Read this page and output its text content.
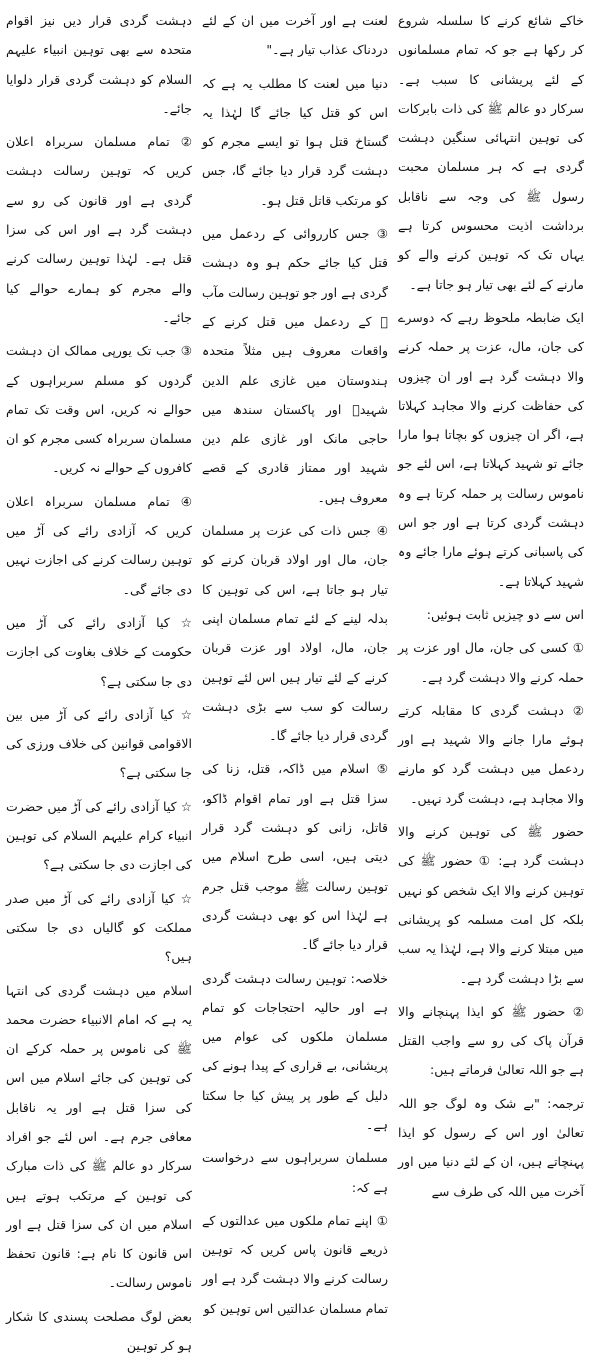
خاکے شائع کرنے کا سلسلہ شروع کر رکھا ہے جو کہ تمام مسلمانوں کے لئے پریشانی کا سبب ہے۔ سرکار دو عالم ﷺ کی ذات بابرکات کی توہین انتہائی سنگین دہشت گردی ہے کہ ہر مسلمان محبت رسول ﷺ کی وجہ سے ناقابل برداشت اذیت محسوس کرتا ہے یہاں تک کہ توہین کرنے والے کو مارنے کے لئے بھی تیار ہو جاتا ہے۔

ایک ضابطہ ملحوظ رہے کہ دوسرے کی جان، مال، عزت پر حملہ کرنے والا دہشت گرد ہے اور ان چیزوں کی حفاظت کرنے والا مجاہد کہلاتا ہے، اگر ان چیزوں کو بچاتا ہوا مارا جائے تو شہید کہلاتا ہے، اس لئے جو ناموس رسالت پر حملہ کرتا ہے وہ دہشت گردی کرتا ہے اور جو اس کی پاسبانی کرتے ہوئے مارا جائے وہ شہید کہلاتا ہے۔

اس سے دو چیزیں ثابت ہوئیں:

① کسی کی جان، مال اور عزت پر حملہ کرنے والا دہشت گرد ہے۔

② دہشت گردی کا مقابلہ کرتے ہوئے مارا جانے والا شہید ہے اور ردعمل میں دہشت گرد کو مارنے والا مجاہد ہے، دہشت گرد نہیں۔

حضور ﷺ کی توہین کرنے والا دہشت گرد ہے: ① حضور ﷺ کی توہین کرنے والا ایک شخص کو نہیں بلکہ کل امت مسلمہ کو پریشانی میں مبتلا کرنے والا ہے، لہٰذا یہ سب سے بڑا دہشت گرد ہے۔

② حضور ﷺ کو ایذا پہنچانے والا قرآن پاک کی رو سے واجب القتل ہے جو اللہ تعالیٰ فرماتے ہیں:

ترجمہ: "بے شک وہ لوگ جو اللہ تعالیٰ اور اس کے رسول کو ایذا پہنچاتے ہیں، ان کے لئے دنیا میں اور آخرت میں اللہ کی طرف سے

لعنت ہے اور آخرت میں ان کے لئے دردناک عذاب تیار ہے۔"

دنیا میں لعنت کا مطلب یہ ہے کہ اس کو قتل کیا جائے گا لہٰذا یہ گستاخ قتل ہوا تو ایسے مجرم کو دہشت گرد قرار دیا جائے گا، جس کو مرتکب قاتل قتل ہو۔

③ جس کارروائی کے ردعمل میں قتل کیا جائے حکم ہو وہ دہشت گردی ہے اور جو توہین رسالت مآب ﷺ کے ردعمل میں قتل کرنے کے واقعات معروف ہیں مثلاً متحدہ ہندوستان میں غازی علم الدین شہیدؒ اور پاکستان سندھ میں حاجی مانک اور غازی علم دین شہید اور ممتاز قادری کے قصے معروف ہیں۔

④ جس ذات کی عزت پر مسلمان جان، مال اور اولاد قربان کرنے کو تیار ہو جاتا ہے، اس کی توہین کا بدلہ لینے کے لئے تمام مسلمان اپنی جان، مال، اولاد اور عزت قربان کرنے کے لئے تیار ہیں اس لئے توہین رسالت کو سب سے بڑی دہشت گردی قرار دیا جائے گا۔

⑤ اسلام میں ڈاکہ، قتل، زنا کی سزا قتل ہے اور تمام اقوام ڈاکو، قاتل، زانی کو دہشت گرد قرار دیتی ہیں، اسی طرح اسلام میں توہین رسالت ﷺ موجب قتل جرم ہے لہٰذا اس کو بھی دہشت گردی قرار دیا جائے گا۔

خلاصہ: توہین رسالت دہشت گردی ہے اور حالیہ احتجاجات کو تمام مسلمان ملکوں کی عوام میں پریشانی، بے قراری کے پیدا ہونے کی دلیل کے طور پر پیش کیا جا سکتا ہے۔

مسلمان سربراہوں سے درخواست ہے کہ:

① اپنے تمام ملکوں میں عدالتوں کے ذریعے قانون پاس کریں کہ توہین رسالت کرنے والا دہشت گرد ہے اور تمام مسلمان عدالتیں اس توہین کو

دہشت گردی قرار دیں نیز اقوام متحدہ سے بھی توہین انبیاء علیہم السلام کو دہشت گردی قرار دلوایا جائے۔

② تمام مسلمان سربراہ اعلان کریں کہ توہین رسالت دہشت گردی ہے اور قانون کی رو سے دہشت گرد ہے اور اس کی سزا قتل ہے۔ لہٰذا توہین رسالت کرنے والے مجرم کو ہمارے حوالے کیا جائے۔

③ جب تک یورپی ممالک ان دہشت گردوں کو مسلم سربراہوں کے حوالے نہ کریں، اس وقت تک تمام مسلمان سربراہ کسی مجرم کو ان کافروں کے حوالے نہ کریں۔

④ تمام مسلمان سربراہ اعلان کریں کہ آزادی رائے کی آڑ میں توہین رسالت کرنے کی اجازت نہیں دی جائے گی۔

☆ کیا آزادی رائے کی آڑ میں حکومت کے خلاف بغاوت کی اجازت دی جا سکتی ہے؟

☆ کیا آزادی رائے کی آڑ میں بین الاقوامی قوانین کی خلاف ورزی کی جا سکتی ہے؟

☆ کیا آزادی رائے کی آڑ میں حضرت انبیاء کرام علیہم السلام کی توہین کی اجازت دی جا سکتی ہے؟

☆ کیا آزادی رائے کی آڑ میں صدر مملکت کو گالیاں دی جا سکتی ہیں؟

اسلام میں دہشت گردی کی انتہا یہ ہے کہ امام الانبیاء حضرت محمد ﷺ کی ناموس پر حملہ کرکے ان کی توہین کی جائے اسلام میں اس کی سزا قتل ہے اور یہ ناقابل معافی جرم ہے۔ اس لئے جو افراد سرکار دو عالم ﷺ کی ذات مبارک کی توہین کے مرتکب ہوتے ہیں اسلام میں ان کی سزا قتل ہے اور اس قانون کا نام ہے: قانون تحفظ ناموس رسالت۔

بعض لوگ مصلحت پسندی کا شکار ہو کر توہین
